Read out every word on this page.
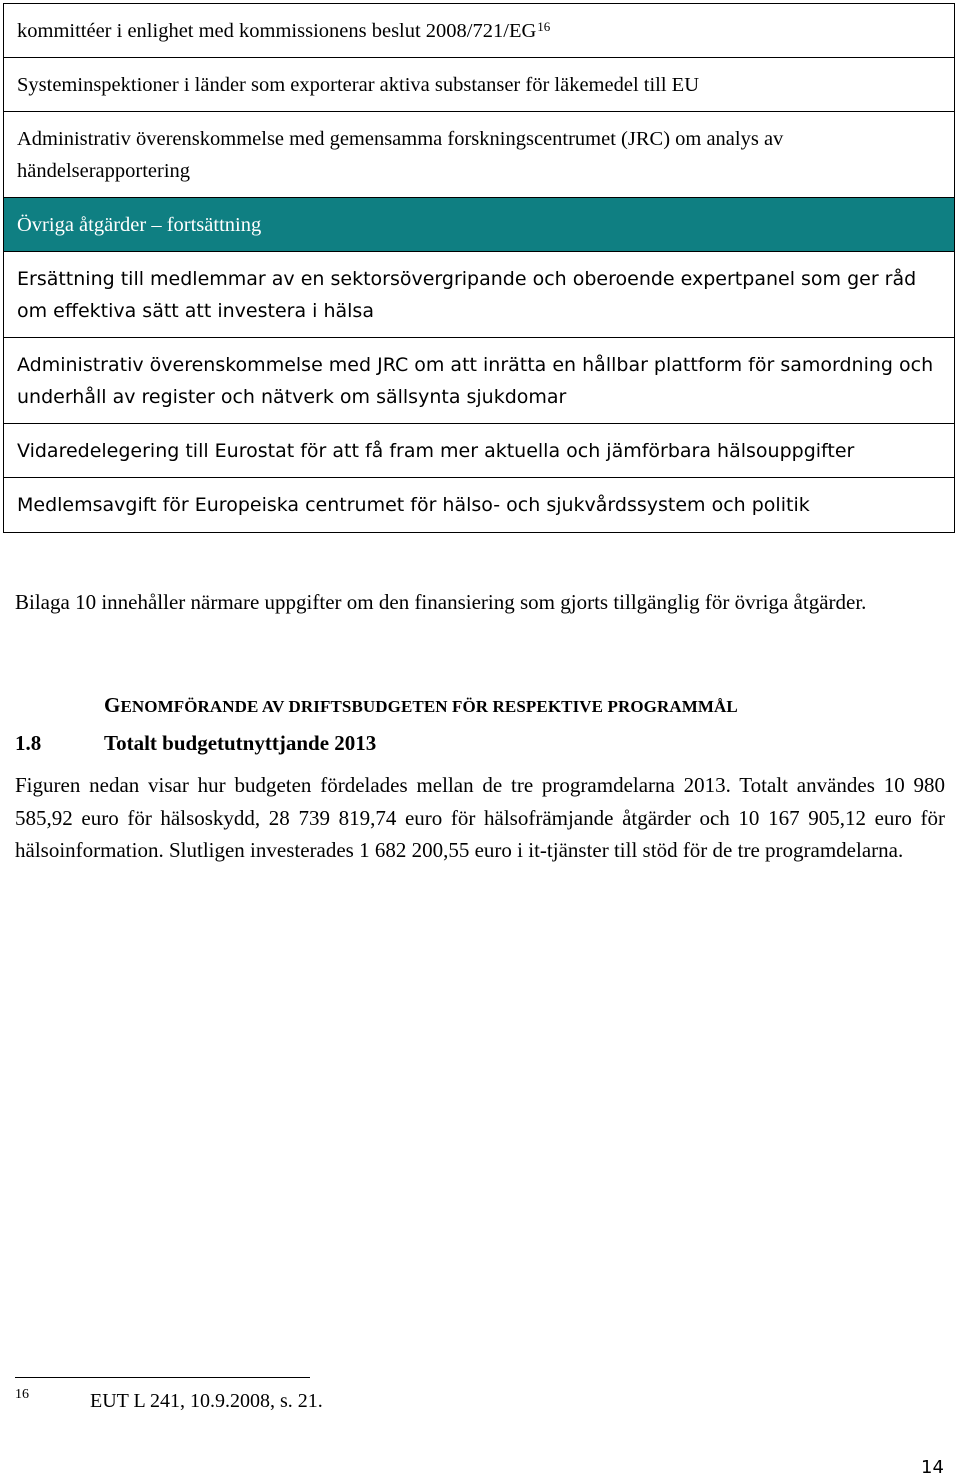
kommittéer i enlighet med kommissionens beslut 2008/721/EG$^{16}$
Systeminspektioner i länder som exporterar aktiva substanser för läkemedel till EU
Administrativ överenskommelse med gemensamma forskningscentrumet (JRC) om analys av händelserapportering
Övriga åtgärder – fortsättning
Ersättning till medlemmar av en sektorsövergripande och oberoende expertpanel som ger råd om effektiva sätt att investera i hälsa
Administrativ överenskommelse med JRC om att inrätta en hållbar plattform för samordning och underhåll av register och nätverk om sällsynta sjukdomar
Vidaredelegering till Eurostat för att få fram mer aktuella och jämförbara hälsouppgifter
Medlemsavgift för Europeiska centrumet för hälso- och sjukvårdssystem och politik
Bilaga 10 innehåller närmare uppgifter om den finansiering som gjorts tillgänglig för övriga åtgärder.
GENOMFÖRANDE AV DRIFTSBUDGETEN FÖR RESPEKTIVE PROGRAMMÅL
1.8	Totalt budgetutnyttjande 2013
Figuren nedan visar hur budgeten fördelades mellan de tre programdelarna 2013. Totalt användes 10 980 585,92 euro för hälsoskydd, 28 739 819,74 euro för hälsofrämjande åtgärder och 10 167 905,12 euro för hälsoinformation. Slutligen investerades 1 682 200,55 euro i it-tjänster till stöd för de tre programdelarna.
16	EUT L 241, 10.9.2008, s. 21.
14
